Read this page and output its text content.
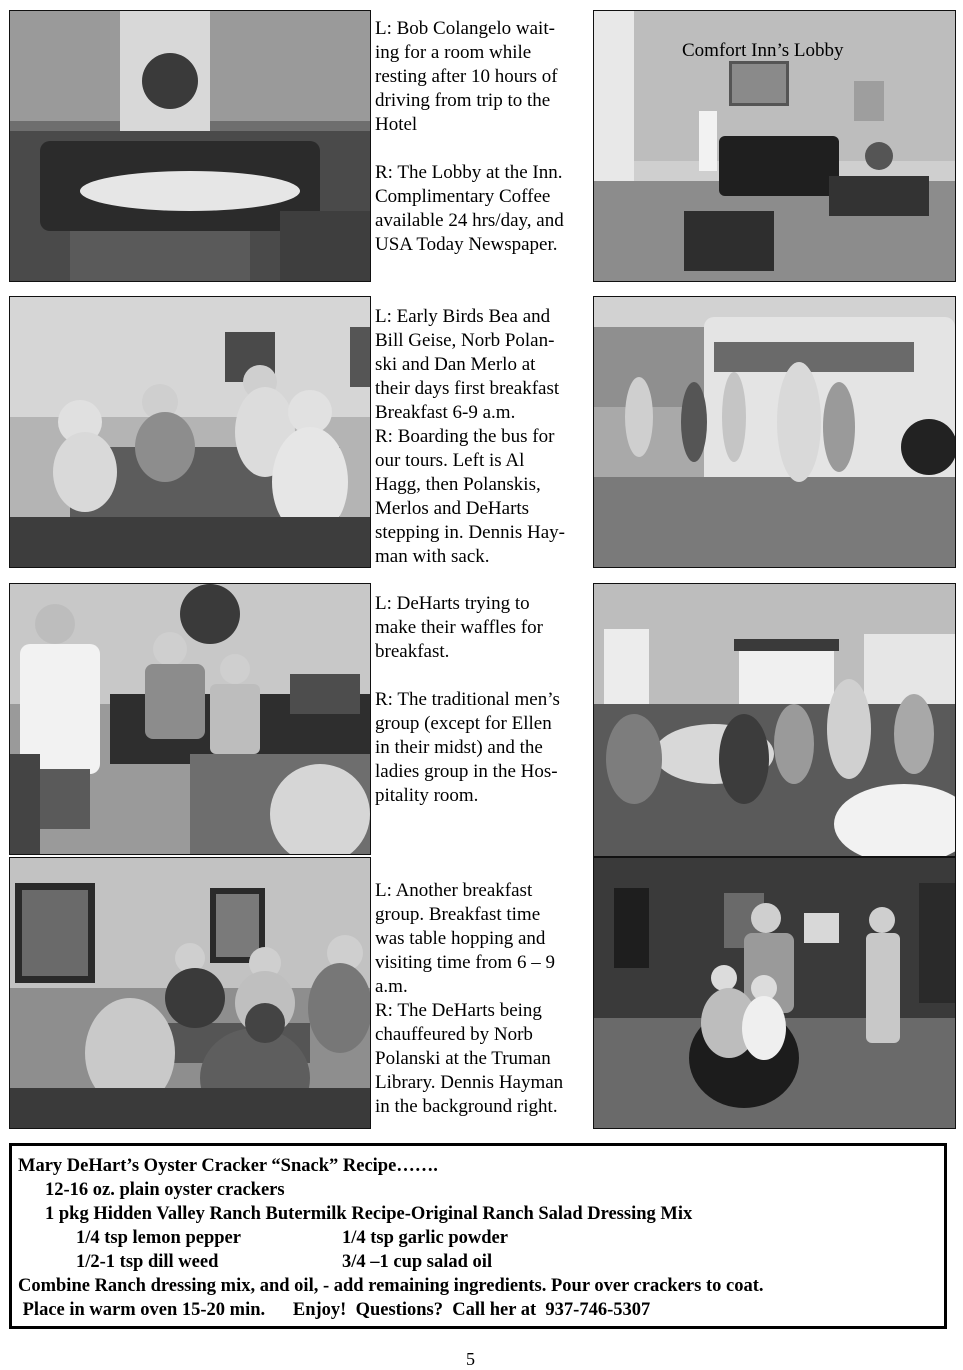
L: Bob Colangelo wait-

ing for a room while

resting after 10 hours of

driving from trip to the

Hotel

R: The Lobby at the Inn.

Complimentary Coffee

available 24 hrs/day, and

USA Today Newspaper.

Comfort Inn’s Lobby

L: Early Birds Bea and

Bill Geise, Norb Polan-

ski and Dan Merlo at

their days first breakfast

Breakfast 6-9 a.m.

R: Boarding the bus for

our tours. Left is Al

Hagg, then Polanskis,

Merlos and DeHarts

stepping in. Dennis Hay-

man with sack.

L: DeHarts trying to

make their waffles for

breakfast.

R: The traditional men’s

group (except for Ellen

in their midst) and the

ladies group in the Hos-

pitality room.

L: Another breakfast

group. Breakfast time

was table hopping and

visiting time from 6 – 9

a.m.

R: The DeHarts being

chauffeured by Norb

Polanski at the Truman

Library. Dennis Hayman

in the background right.

Mary DeHart’s Oyster Cracker “Snack” Recipe…….
12-16 oz. plain oyster crackers
1 pkg Hidden Valley Ranch Butermilk Recipe-Original Ranch Salad Dressing Mix
1/4 tsp lemon pepper	1/4 tsp garlic powder
1/2-1 tsp dill weed	3/4 –1 cup salad oil
Combine Ranch dressing mix, and oil, - add remaining ingredients. Pour over crackers to coat.
Place in warm oven 15-20 min.      Enjoy!  Questions?  Call her at  937-746-5307
5
